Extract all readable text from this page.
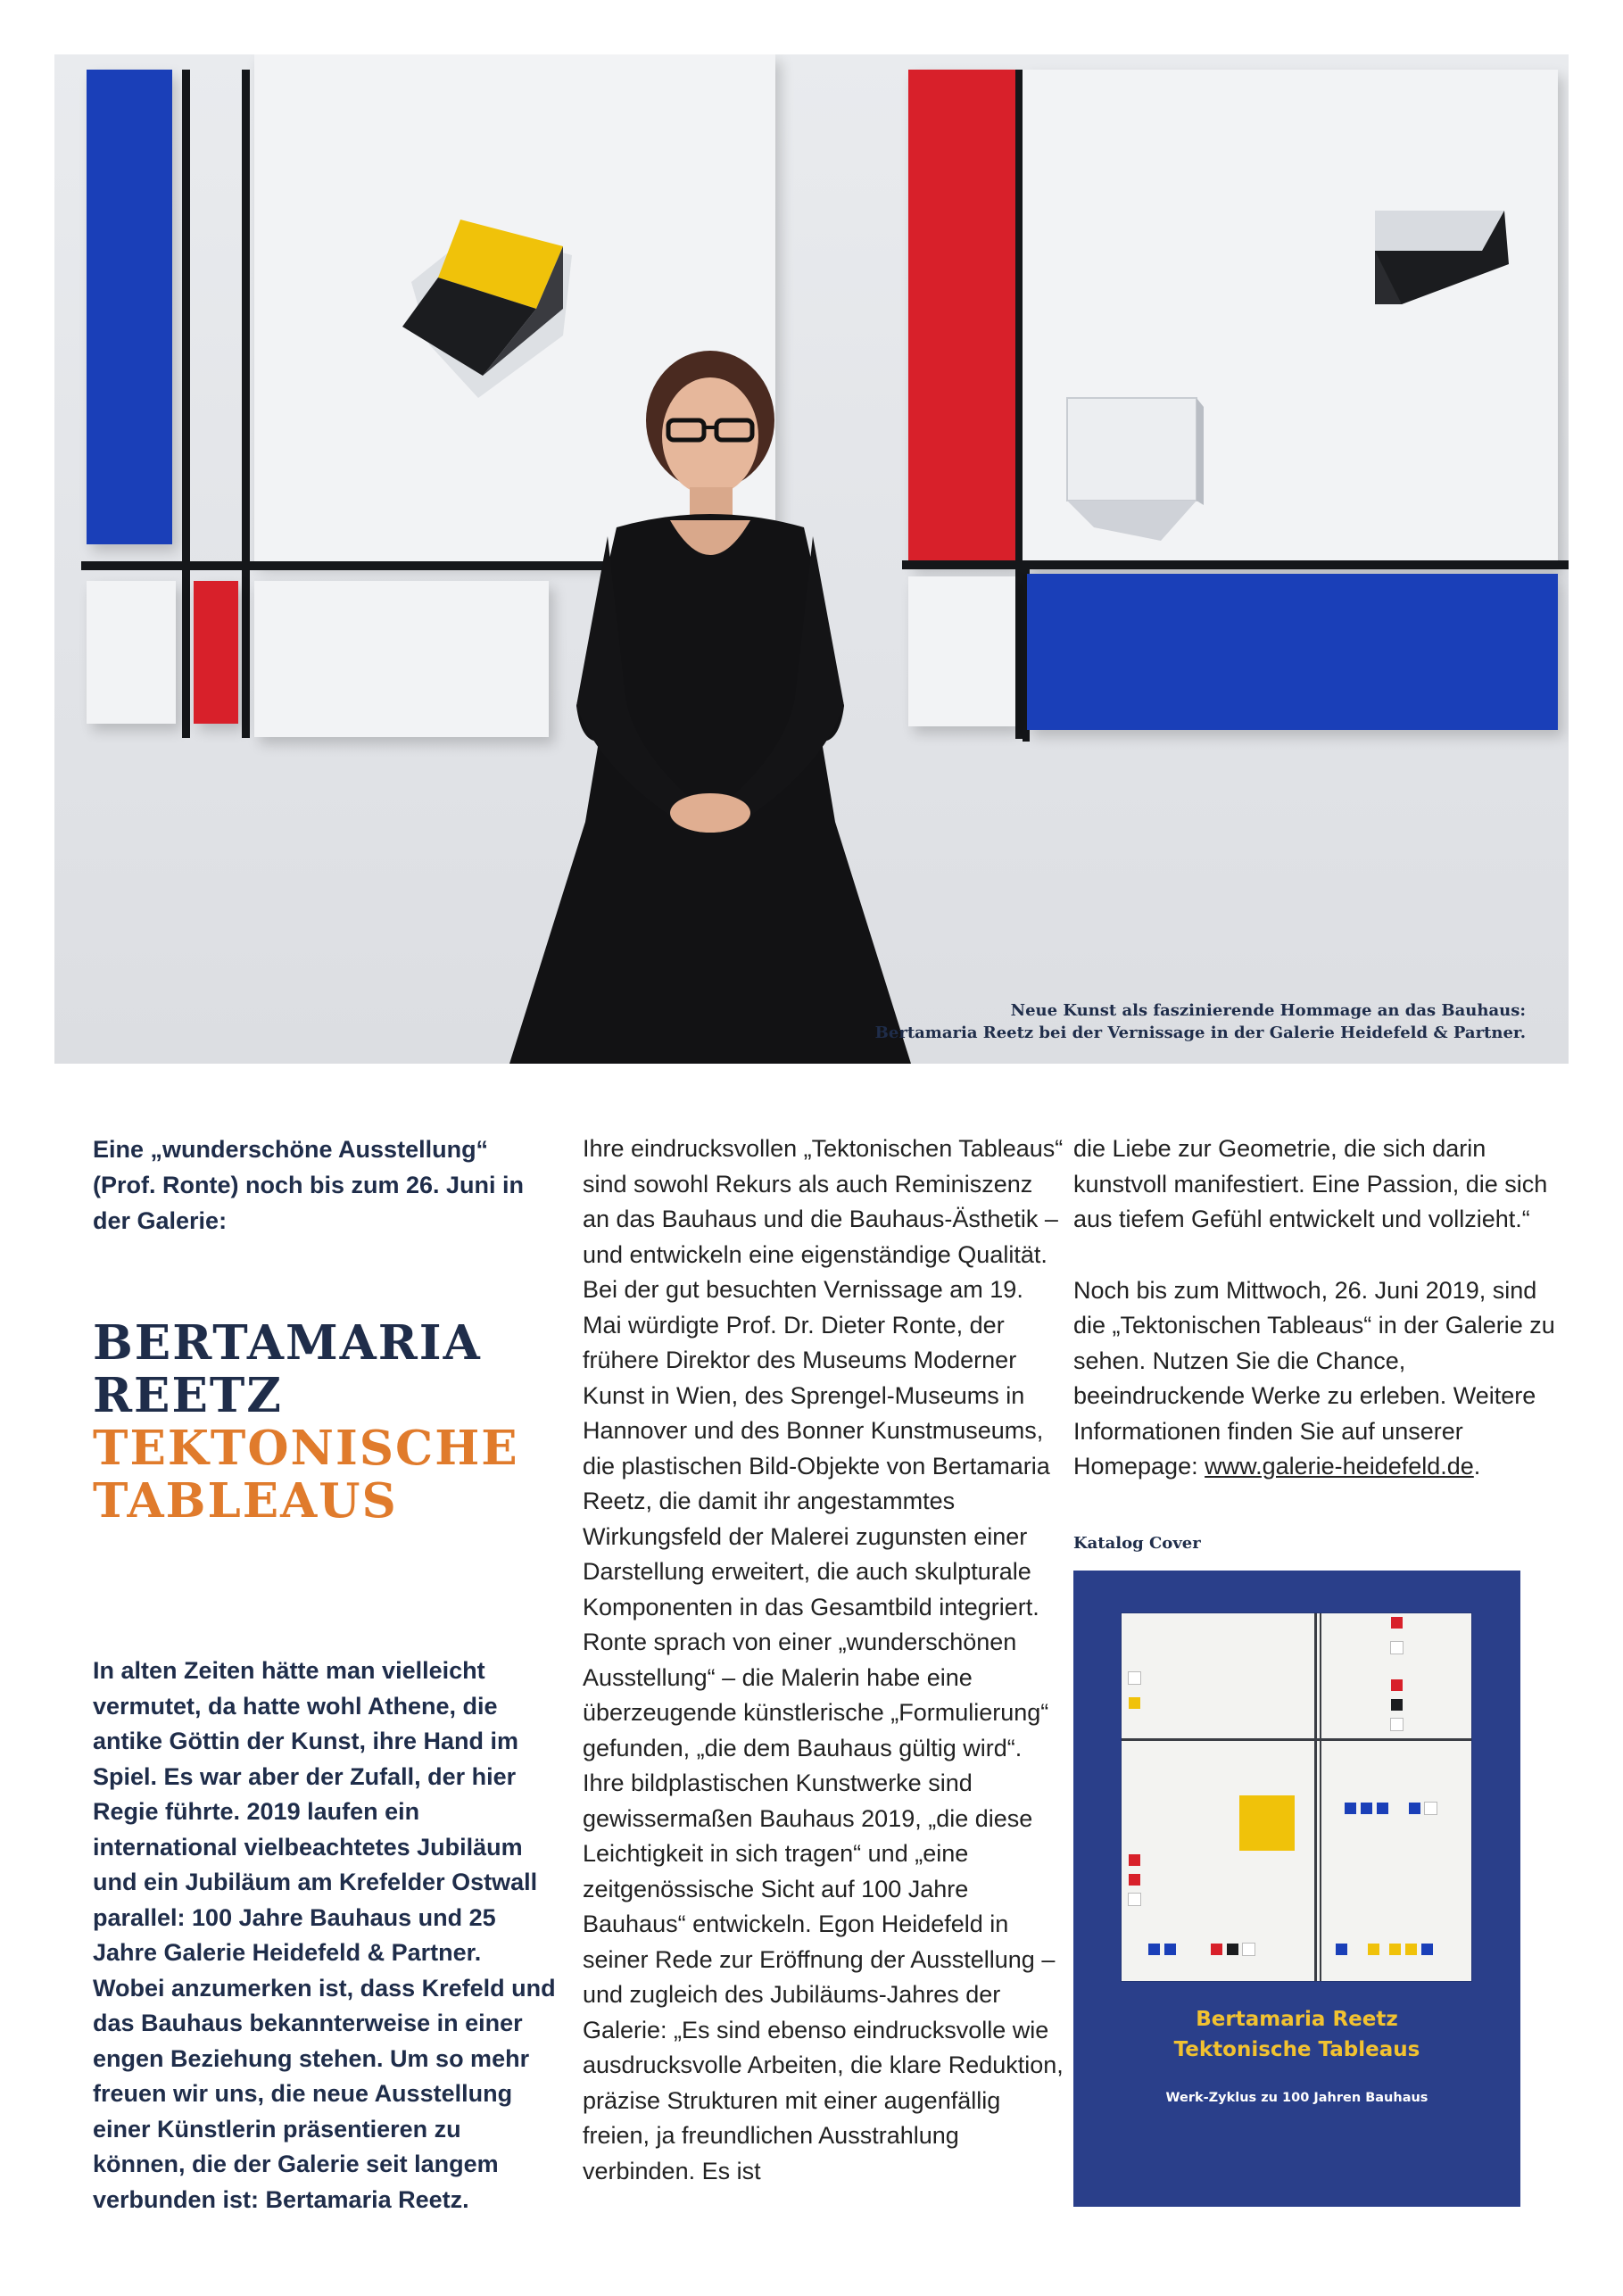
Neue Kunst als faszinierende Hommage an das Bauhaus:
Bertamaria Reetz bei der Vernissage in der Galerie Heidefeld & Partner.

Eine „wunderschöne Ausstellung“ (Prof. Ronte) noch bis zum 26. Juni in der Galerie:

BERTAMARIA
REETZ
TEKTONISCHE
TABLEAUS

In alten Zeiten hätte man vielleicht vermutet, da hatte wohl Athene, die antike Göttin der Kunst, ihre Hand im Spiel. Es war aber der Zufall, der hier Regie führte. 2019 laufen ein international vielbeachtetes Jubiläum und ein Jubiläum am Krefelder Ostwall parallel: 100 Jahre Bauhaus und 25 Jahre Galerie Heidefeld & Partner. Wobei anzumerken ist, dass Krefeld und das Bauhaus bekannterweise in einer engen Beziehung stehen. Um so mehr freuen wir uns, die neue Ausstellung einer Künstlerin präsentieren zu können, die der Galerie seit langem verbunden ist: Bertamaria Reetz.

Ihre eindrucksvollen „Tektonischen Tableaus“ sind sowohl Rekurs als auch Reminiszenz an das Bauhaus und die Bauhaus-Ästhetik – und entwickeln eine eigenständige Qualität. Bei der gut besuchten Vernissage am 19. Mai würdigte Prof. Dr. Dieter Ronte, der frühere Direktor des Museums Moderner Kunst in Wien, des Sprengel-Museums in Hannover und des Bonner Kunstmuseums, die plastischen Bild-Objekte von Bertamaria Reetz, die damit ihr angestammtes Wirkungsfeld der Malerei zugunsten einer Darstellung erweitert, die auch skulpturale Komponenten in das Gesamtbild integriert. Ronte sprach von einer „wunderschönen Ausstellung“ – die Malerin habe eine überzeugende künstlerische „Formulierung“ gefunden, „die dem Bauhaus gültig wird“. Ihre bildplastischen Kunstwerke sind gewissermaßen Bauhaus 2019, „die diese Leichtigkeit in sich tragen“ und „eine zeitgenössische Sicht auf 100 Jahre Bauhaus“ entwickeln. Egon Heidefeld in seiner Rede zur Eröffnung der Ausstellung – und zugleich des Jubiläums-Jahres der Galerie: „Es sind ebenso eindrucksvolle wie ausdrucksvolle Arbeiten, die klare Reduktion, präzise Strukturen mit einer augenfällig freien, ja freundlichen Ausstrahlung verbinden. Es ist

die Liebe zur Geometrie, die sich darin kunstvoll manifestiert. Eine Passion, die sich aus tiefem Gefühl entwickelt und vollzieht.“

Noch bis zum Mittwoch, 26. Juni 2019, sind die „Tektonischen Tableaus“ in der Galerie zu sehen. Nutzen Sie die Chance, beeindruckende Werke zu erleben. Weitere Informationen finden Sie auf unserer Homepage: www.galerie-heidefeld.de.

Katalog Cover
Bertamaria Reetz
Tektonische Tableaus
Werk-Zyklus zu 100 Jahren Bauhaus
